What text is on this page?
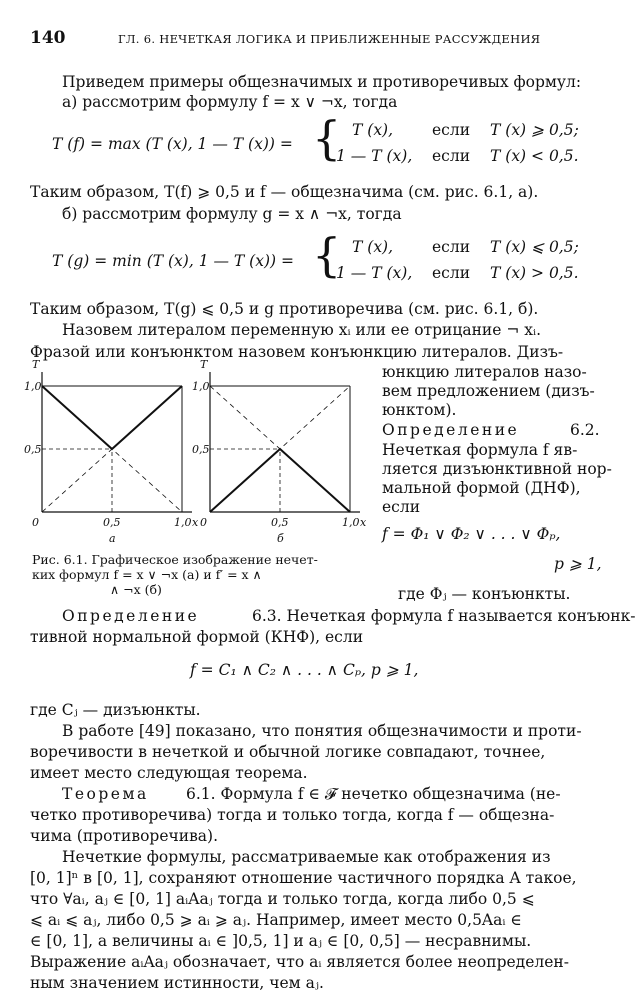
140	ГЛ. 6. НЕЧЕТКАЯ ЛОГИКА И ПРИБЛИЖЕННЫЕ РАССУЖДЕНИЯ
Приведем примеры общезначимых и противоречивых формул:
а) рассмотрим формулу f = x ∨ ¬x, тогда
T (f) = max (T (x), 1 — T (x)) = { T (x),	если T (x) ⩾ 0,5;
1 — T (x), если T (x) < 0,5.
Таким образом, T(f) ⩾ 0,5 и f — общезначима (см. рис. 6.1, а).
б) рассмотрим формулу g = x ∧ ¬x, тогда
T (g) = min (T (x), 1 — T (x)) = { T (x),	если T (x) ⩽ 0,5;
1 — T (x), если T (x) > 0,5.
Таким образом, T(g) ⩽ 0,5 и g противоречива (см. рис. 6.1, б).
Назовем литералом переменную xᵢ или ее отрицание ¬ xᵢ.
Фразой или конъюнктом назовем конъюнкцию литералов. Дизъ-
T
x
1,0
0,5
0	0,5	1,0
а
T
x
1,0
0,5
0	0,5	1,0
б
Рис. 6.1. Графическое изображение нечет-
ких формул f = x ∨ ¬x (а) и f′ = x ∧
∧ ¬x (б)
юнкцию литералов назо-
вем предложением (дизъ-
юнктом).
Определение	6.2.
Нечеткая формула f яв-
ляется дизъюнктивной нор-
мальной формой (ДНФ),
если
f = Φ₁ ∨ Φ₂ ∨ . . . ∨ Φₚ,
p ⩾ 1,
где Φⱼ — конъюнкты.
Определение	6.3. Нечеткая формула f называется конъюнк-
тивной нормальной формой (КНФ), если
f = C₁ ∧ C₂ ∧ . . . ∧ Cₚ, p ⩾ 1,
где Cⱼ — дизъюнкты.
В работе [49] показано, что понятия общезначимости и проти-
воречивости в нечеткой и обычной логике совпадают, точнее,
имеет место следующая теорема.
Теорема 6.1. Формула f ∈ 𝓕 нечетко общезначима (не-
четко противоречива) тогда и только тогда, когда f — общезна-
чима (противоречива).
Нечеткие формулы, рассматриваемые как отображения из
[0, 1]ⁿ в [0, 1], сохраняют отношение частичного порядка A такое,
что ∀aᵢ, aⱼ ∈ [0, 1] aᵢAaⱼ тогда и только тогда, когда либо 0,5 ⩽
⩽ aᵢ ⩽ aⱼ, либо 0,5 ⩾ aᵢ ⩾ aⱼ. Например, имеет место 0,5Aaᵢ ∈
∈ [0, 1], а величины aᵢ ∈ ]0,5, 1] и aⱼ ∈ [0, 0,5] — несравнимы.
Выражение aᵢAaⱼ обозначает, что aᵢ является более неопределен-
ным значением истинности, чем aⱼ.
